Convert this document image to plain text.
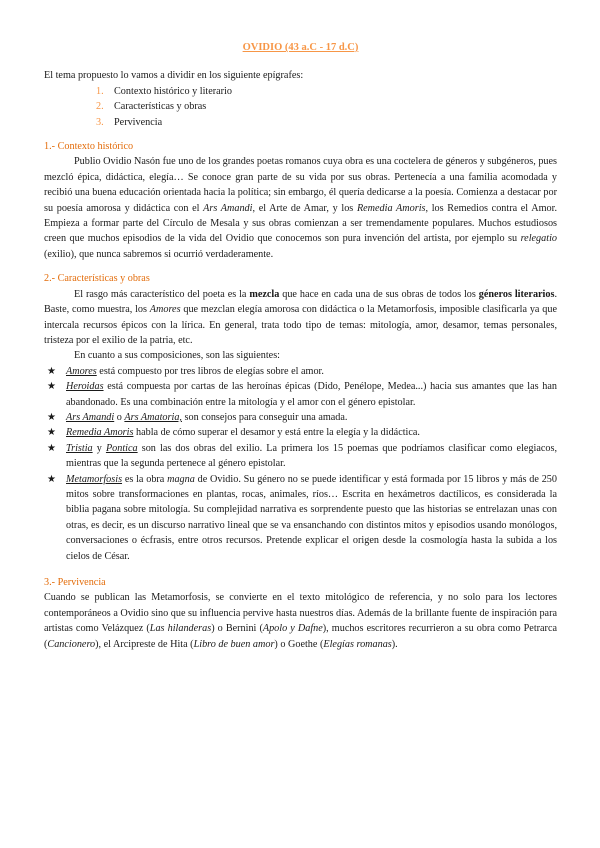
OVIDIO (43 a.C - 17 d.C)

El tema propuesto lo vamos a dividir en los siguiente epígrafes:

1. Contexto histórico y literario
2. Características y obras
3. Pervivencia

1.- Contexto histórico

Publio Ovidio Nasón fue uno de los grandes poetas romanos cuya obra es una coctelera de géneros y subgéneros, pues mezcló épica, didáctica, elegía… Se conoce gran parte de su vida por sus obras. Pertenecía a una familia acomodada y recibió una buena educación orientada hacia la política; sin embargo, él quería dedicarse a la poesía. Comienza a destacar por su poesía amorosa y didáctica con el Ars Amandi, el Arte de Amar, y los Remedia Amoris, los Remedios contra el Amor. Empieza a formar parte del Círculo de Mesala y sus obras comienzan a ser tremendamente populares. Muchos estudiosos creen que muchos episodios de la vida del Ovidio que conocemos son pura invención del artista, por ejemplo su relegatio (exilio), que nunca sabremos si ocurrió verdaderamente.

2.- Características y obras

El rasgo más característico del poeta es la mezcla que hace en cada una de sus obras de todos los géneros literarios. Baste, como muestra, los Amores que mezclan elegía amorosa con didáctica o la Metamorfosis, imposible clasificarla ya que intercala recursos épicos con la lírica. En general, trata todo tipo de temas: mitología, amor, desamor, temas personales, tristeza por el exilio de la patria, etc.

En cuanto a sus composiciones, son las siguientes:

★ Amores está compuesto por tres libros de elegías sobre el amor.
★ Heroidas está compuesta por cartas de las heroínas épicas (Dido, Penélope, Medea...) hacia sus amantes que las han abandonado. Es una combinación entre la mitología y el amor con el género epistolar.
★ Ars Amandi o Ars Amatoria, son consejos para conseguir una amada.
★ Remedia Amoris habla de cómo superar el desamor y está entre la elegía y la didáctica.
★ Tristia y Pontica son las dos obras del exilio. La primera los 15 poemas que podríamos clasificar como elegiacos, mientras que la segunda pertenece al género epistolar.
★ Metamorfosis es la obra magna de Ovidio. Su género no se puede identificar y está formada por 15 libros y más de 250 mitos sobre transformaciones en plantas, rocas, animales, ríos… Escrita en hexámetros dactílicos, es considerada la biblia pagana sobre mitología. Su complejidad narrativa es sorprendente puesto que las historias se entrelazan unas con otras, es decir, es un discurso narrativo lineal que se va ensanchando con distintos mitos y episodios usando monólogos, conversaciones o écfrasis, entre otros recursos. Pretende explicar el origen desde la cosmología hasta la subida a los cielos de César.

3.- Pervivencia

Cuando se publican las Metamorfosis, se convierte en el texto mitológico de referencia, y no solo para los lectores contemporáneos a Ovidio sino que su influencia pervive hasta nuestros días. Además de la brillante fuente de inspiración para artistas como Velázquez (Las hilanderas) o Bernini (Apolo y Dafne), muchos escritores recurrieron a su obra como Petrarca (Cancionero), el Arcipreste de Hita (Libro de buen amor) o Goethe (Elegías romanas).
